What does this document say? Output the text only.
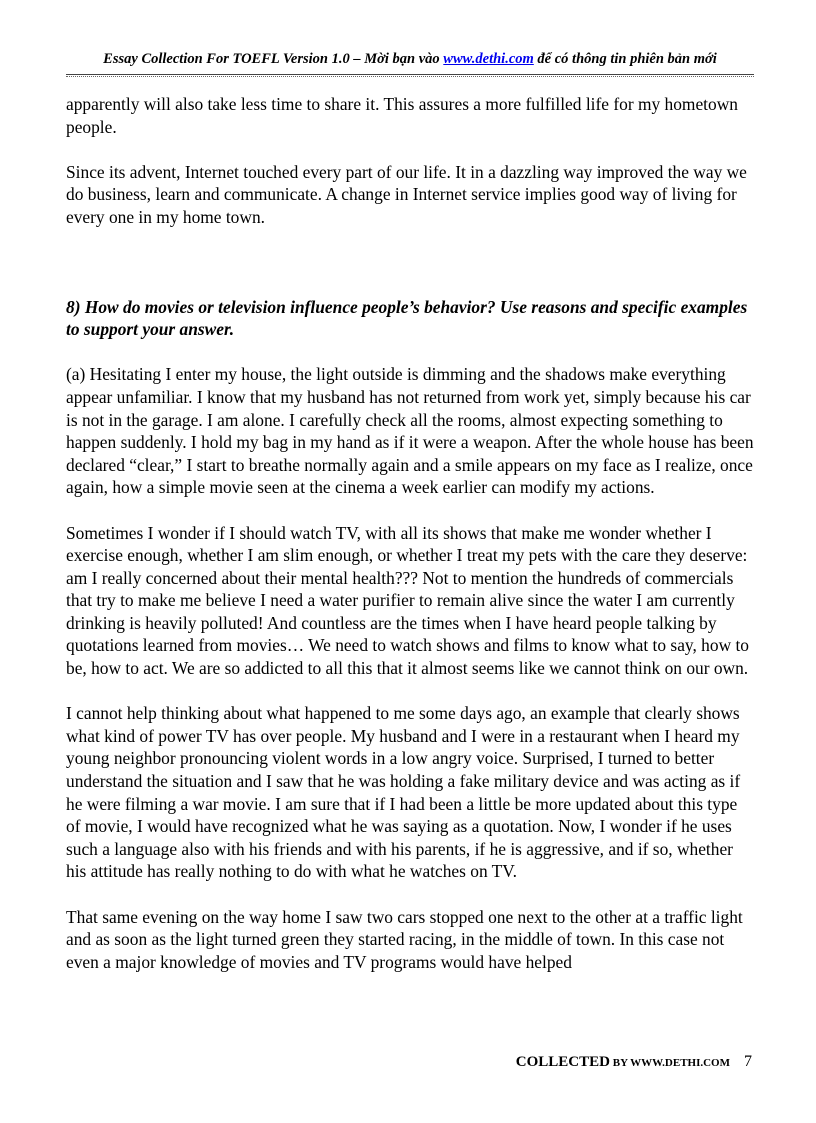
Essay Collection For TOEFL Version 1.0 – Mời bạn vào www.dethi.com để có thông tin phiên bản mới

apparently will also take less time to share it. This assures a more fulfilled life for my hometown people.

Since its advent, Internet touched every part of our life. It in a dazzling way improved the way we do business, learn and communicate. A change in Internet service implies good way of living for every one in my home town.

8) How do movies or television influence people’s behavior? Use reasons and specific examples to support your answer.

(a) Hesitating I enter my house, the light outside is dimming and the shadows make everything appear unfamiliar. I know that my husband has not returned from work yet, simply because his car is not in the garage. I am alone. I carefully check all the rooms, almost expecting something to happen suddenly. I hold my bag in my hand as if it were a weapon. After the whole house has been declared “clear,” I start to breathe normally again and a smile appears on my face as I realize, once again, how a simple movie seen at the cinema a week earlier can modify my actions.

Sometimes I wonder if I should watch TV, with all its shows that make me wonder whether I exercise enough, whether I am slim enough, or whether I treat my pets with the care they deserve: am I really concerned about their mental health??? Not to mention the hundreds of commercials that try to make me believe I need a water purifier to remain alive since the water I am currently drinking is heavily polluted! And countless are the times when I have heard people talking by quotations learned from movies… We need to watch shows and films to know what to say, how to be, how to act. We are so addicted to all this that it almost seems like we cannot think on our own.

I cannot help thinking about what happened to me some days ago, an example that clearly shows what kind of power TV has over people. My husband and I were in a restaurant when I heard my young neighbor pronouncing violent words in a low angry voice. Surprised, I turned to better understand the situation and I saw that he was holding a fake military device and was acting as if he were filming a war movie. I am sure that if I had been a little be more updated about this type of movie, I would have recognized what he was saying as a quotation. Now, I wonder if he uses such a language also with his friends and with his parents, if he is aggressive, and if so, whether his attitude has really nothing to do with what he watches on TV.

That same evening on the way home I saw two cars stopped one next to the other at a traffic light and as soon as the light turned green they started racing, in the middle of town. In this case not even a major knowledge of movies and TV programs would have helped

COLLECTED BY WWW.DETHI.COM 7
